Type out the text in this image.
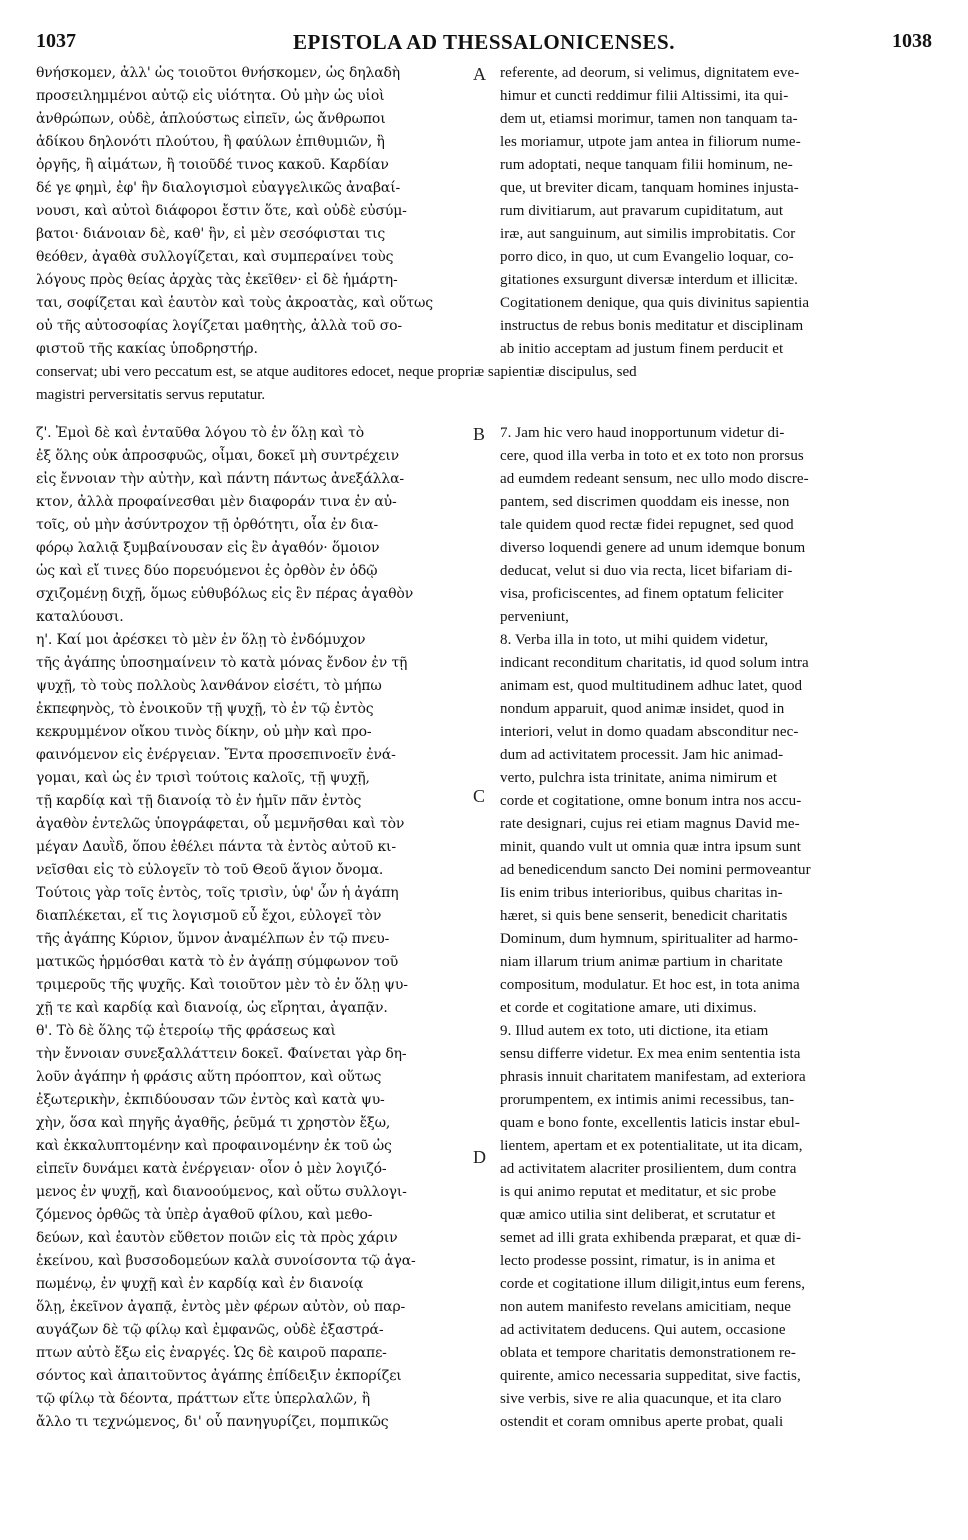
1037	EPISTOLA AD THESSALONICENSES.	1038
θνήσκομεν, ἀλλ' ὡς τοιοῦτοι θνήσκομεν, ὡς δηλαδὴ
προσειλημμένοι αὐτῷ εἰς υἱότητα. Οὐ μὴν ὡς υἱοὶ
ἀνθρώπων, οὐδὲ, ἁπλούστως εἰπεῖν, ὡς ἄνθρωποι
ἀδίκου δηλονότι πλούτου, ἢ φαύλων ἐπιθυμιῶν, ἢ
ὀργῆς, ἢ αἱμάτων, ἢ τοιοῦδέ τινος κακοῦ. Καρδίαν
δέ γε φημὶ, ἐφ' ἣν διαλογισμοὶ εὐαγγελικῶς ἀναβαί-
νουσι, καὶ αὐτοὶ διάφοροι ἔστιν ὅτε, καὶ οὐδὲ εὐσύμ-
βατοι· διάνοιαν δὲ, καθ' ἣν, εἰ μὲν σεσόφισται τις
θεόθεν, ἀγαθὰ συλλογίζεται, καὶ συμπεραίνει τοὺς
λόγους πρὸς θείας ἀρχὰς τὰς ἐκεῖθεν· εἰ δὲ ἡμάρτη-
ται, σοφίζεται καὶ ἑαυτὸν καὶ τοὺς ἀκροατὰς, καὶ οὕτως
οὐ τῆς αὐτοσοφίας λογίζεται μαθητὴς, ἀλλὰ τοῦ σο-
φιστοῦ τῆς κακίας ὑποδρηστήρ.
referente, ad deorum, si velimus, dignitatem eve-
himur et cuncti reddimur filii Altissimi, ita qui-
dem ut, etiamsi morimur, tamen non tanquam ta-
les moriamur, utpote jam antea in filiorum nume-
rum adoptati, neque tanquam filii hominum, ne-
que, ut breviter dicam, tanquam homines injusta-
rum divitiarum, aut pravarum cupiditatum, aut
iræ, aut sanguinum, aut similis improbitatis. Cor
porro dico, in quo, ut cum Evangelio loquar, co-
gitationes exsurgunt diversæ interdum et illicitæ.
Cogitationem denique, qua quis divinitus sapientia
instructus de rebus bonis meditatur et disciplinam
ab initio acceptam ad justum finem perducit et
conservat; ubi vero peccatum est, se atque auditores edocet, neque propriæ sapientiæ discipulus, sed
magistri perversitatis servus reputatur.
ζ'. Ἐμοὶ δὲ καὶ ἐνταῦθα λόγου τὸ ἐν ὅλῃ καὶ τὸ
ἐξ ὅλης οὐκ ἀπροσφυῶς, οἶμαι, δοκεῖ μὴ συντρέχειν
εἰς ἔννοιαν τὴν αὐτὴν, καὶ πάντη πάντως ἀνεξάλλα-
κτον, ἀλλὰ προφαίνεσθαι μὲν διαφοράν τινα ἐν αὐ-
τοῖς, οὐ μὴν ἀσύντροχον τῇ ὀρθότητι, οἷα ἐν δια-
φόρῳ λαλιᾷ ξυμβαίνουσαν εἰς ἓν ἀγαθόν· ὅμοιον
ὡς καὶ εἴ τινες δύο πορευόμενοι ἐς ὀρθὸν ἐν ὁδῷ
σχιζομένῃ διχῇ, ὅμως εὐθυβόλως εἰς ἓν πέρας ἀγαθὸν
καταλύουσι.
η'. Καί μοι ἀρέσκει τὸ μὲν ἐν ὅλῃ τὸ ἐνδόμυχον
τῆς ἀγάπης ὑποσημαίνειν τὸ κατὰ μόνας ἔνδον ἐν τῇ
ψυχῇ, τὸ τοὺς πολλοὺς λανθάνον εἰσέτι, τὸ μήπω
ἐκπεφηνὸς, τὸ ἐνοικοῦν τῇ ψυχῇ, τὸ ἐν τῷ ἐντὸς
κεκρυμμένον οἴκου τινὸς δίκην, οὐ μὴν καὶ προ-
φαινόμενον εἰς ἐνέργειαν. Ἔντα προσεπινοεῖν ἐνά-
γομαι, καὶ ὡς ἐν τρισὶ τούτοις καλοῖς, τῇ ψυχῇ,
τῇ καρδίᾳ καὶ τῇ διανοίᾳ τὸ ἐν ἡμῖν πᾶν ἐντὸς
ἀγαθὸν ἐντελῶς ὑπογράφεται, οὗ μεμνῆσθαι καὶ τὸν
μέγαν Δαυῒδ, ὅπου ἐθέλει πάντα τὰ ἐντὸς αὐτοῦ κι-
νεῖσθαι εἰς τὸ εὐλογεῖν τὸ τοῦ Θεοῦ ἅγιον ὄνομα.
Τούτοις γὰρ τοῖς ἐντὸς, τοῖς τρισὶν, ὑφ' ὧν ἡ ἀγάπη
διαπλέκεται, εἴ τις λογισμοῦ εὖ ἔχοι, εὐλογεῖ τὸν
τῆς ἀγάπης Κύριον, ὕμνον ἀναμέλπων ἐν τῷ πνευ-
ματικῶς ἡρμόσθαι κατὰ τὸ ἐν ἀγάπῃ σύμφωνον τοῦ
τριμεροῦς τῆς ψυχῆς. Καὶ τοιοῦτον μὲν τὸ ἐν ὅλῃ ψυ-
χῇ τε καὶ καρδίᾳ καὶ διανοίᾳ, ὡς εἴρηται, ἀγαπᾷν.
θ'. Τὸ δὲ ὅλης τῷ ἑτεροίῳ τῆς φράσεως καὶ
τὴν ἔννοιαν συνεξαλλάττειν δοκεῖ. Φαίνεται γὰρ δη-
λοῦν ἀγάπην ἡ φράσις αὕτη πρόοπτον, καὶ οὕτως
ἐξωτερικὴν, ἐκπιδύουσαν τῶν ἐντὸς καὶ κατὰ ψυ-
χὴν, ὅσα καὶ πηγῆς ἀγαθῆς, ῥεῦμά τι χρηστὸν ἔξω,
καὶ ἐκκαλυπτομένην καὶ προφαινομένην ἐκ τοῦ ὡς
εἰπεῖν δυνάμει κατὰ ἐνέργειαν· οἷον ὁ μὲν λογιζό-
μενος ἐν ψυχῇ, καὶ διανοούμενος, καὶ οὕτω συλλογι-
ζόμενος ὀρθῶς τὰ ὑπὲρ ἀγαθοῦ φίλου, καὶ μεθο-
δεύων, καὶ ἑαυτὸν εὔθετον ποιῶν εἰς τὰ πρὸς χάριν
ἐκείνου, καὶ βυσσοδομεύων καλὰ συνοίσοντα τῷ ἀγα-
πωμένῳ, ἐν ψυχῇ καὶ ἐν καρδίᾳ καὶ ἐν διανοίᾳ
ὅλῃ, ἐκεῖνον ἀγαπᾷ, ἐντὸς μὲν φέρων αὐτὸν, οὐ παρ-
αυγάζων δὲ τῷ φίλῳ καὶ ἐμφανῶς, οὐδὲ ἐξαστρά-
πτων αὐτὸ ἔξω εἰς ἐναργές. Ὡς δὲ καιροῦ παραπε-
σόντος καὶ ἀπαιτοῦντος ἀγάπης ἐπίδειξιν ἐκπορίζει
τῷ φίλῳ τὰ δέοντα, πράττων εἴτε ὑπερλαλῶν, ἢ
ἄλλο τι τεχνώμενος, δι' οὗ πανηγυρίζει, πομπικῶς
7. Jam hic vero haud inopportunum videtur di-
cere, quod illa verba in toto et ex toto non prorsus
ad eumdem redeant sensum, nec ullo modo discre-
pantem, sed discrimen quoddam eis inesse, non
tale quidem quod rectæ fidei repugnet, sed quod
diverso loquendi genere ad unum idemque bonum
deducat, velut si duo via recta, licet bifariam di-
visa, proficiscentes, ad finem optatum feliciter
perveniunt,
8. Verba illa in toto, ut mihi quidem videtur,
indicant reconditum charitatis, id quod solum intra
animam est, quod multitudinem adhuc latet, quod
nondum apparuit, quod animæ insidet, quod in
interiori, velut in domo quadam absconditur nec-
dum ad activitatem processit. Jam hic animad-
verto, pulchra ista trinitate, anima nimirum et
corde et cogitatione, omne bonum intra nos accu-
rate designari, cujus rei etiam magnus David me-
minit, quando vult ut omnia quæ intra ipsum sunt
ad benedicendum sancto Dei nomini permoveantur
Iis enim tribus interioribus, quibus charitas in-
hæret, si quis bene senserit, benedicit charitatis
Dominum, dum hymnum, spiritualiter ad harmo-
niam illarum trium animæ partium in charitate
compositum, modulatur. Et hoc est, in tota anima
et corde et cogitatione amare, uti diximus.
9. Illud autem ex toto, uti dictione, ita etiam
sensu differre videtur. Ex mea enim sententia ista
phrasis innuit charitatem manifestam, ad exteriora
prorumpentem, ex intimis animi recessibus, tan-
quam e bono fonte, excellentis laticis instar ebul-
lientem, apertam et ex potentialitate, ut ita dicam,
ad activitatem alacriter prosilientem, dum contra
is qui animo reputat et meditatur, et sic probe
quæ amico utilia sint deliberat, et scrutatur et
semet ad illi grata exhibenda præparat, et quæ di-
lecto prodesse possint, rimatur, is in anima et
corde et cogitatione illum diligit,intus eum ferens,
non autem manifesto revelans amicitiam, neque
ad activitatem deducens. Qui autem, occasione
oblata et tempore charitatis demonstrationem re-
quirente, amico necessaria suppeditat, sive factis,
sive verbis, sive re alia quacunque, et ita claro
ostendit et coram omnibus aperte probat, quali
A
B
C
D
